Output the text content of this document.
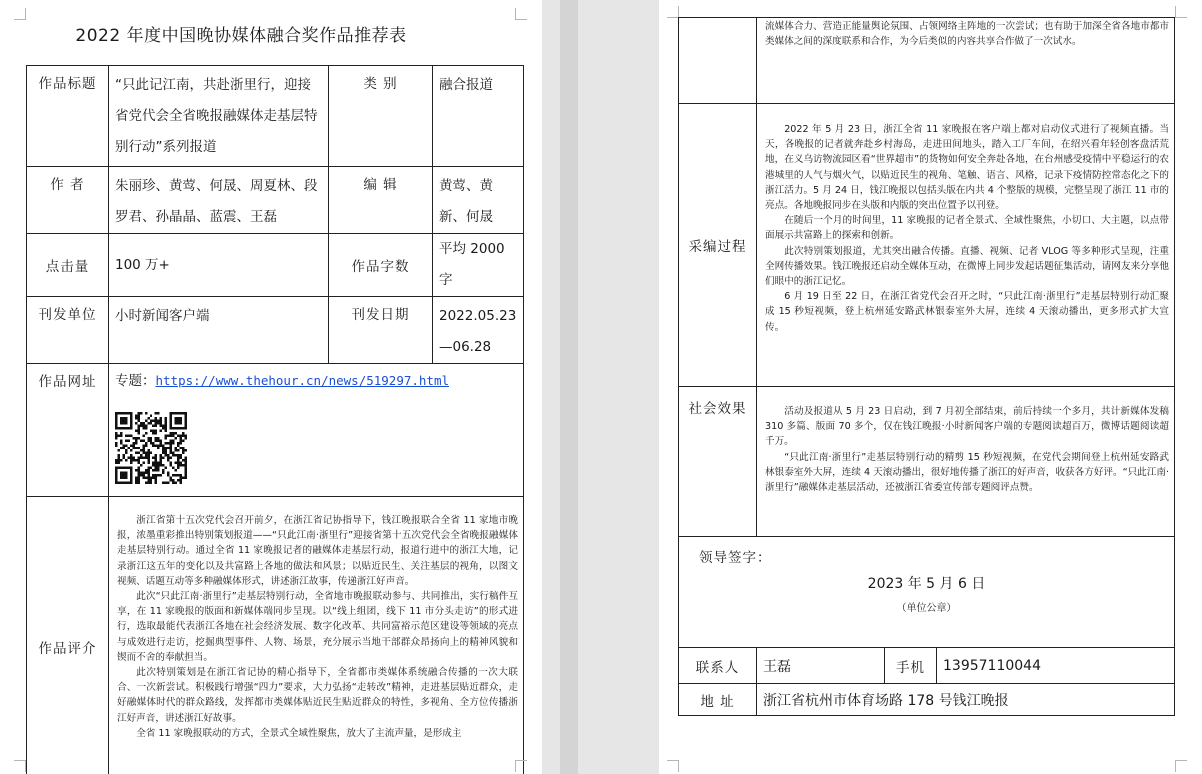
2022 年度中国晚协媒体融合奖作品推荐表
作品标题	“只此记江南，共赴浙里行，迎接省党代会全省晚报融媒体走基层特别行动”系列报道	类 别	融合报道
作 者	朱丽珍、黄莺、何晟、周夏林、段罗君、孙晶晶、蓝震、王磊	编 辑	黄莺、黄新、何晟
点击量	100 万+	作品字数	平均 2000 字
刊发单位	小时新闻客户端	刊发日期	2022.05.23 —06.28
作品网址	专题：https://www.thehour.cn/news/519297.html		

作品评介	浙江省第十五次党代会召开前夕，在浙江省记协指导下，钱江晚报联合全省 11 家地市晚报，浓墨重彩推出特别策划报道——“只此江南·浙里行”迎接省第十五次党代会全省晚报融媒体走基层特别行动。通过全省 11 家晚报记者的融媒体走基层行动，报道行进中的浙江大地，记录浙江这五年的变化以及共富路上各地的做法和风景；以贴近民生、关注基层的视角，以图文视频、话题互动等多种融媒体形式，讲述浙江故事，传递浙江好声音。

此次“只此江南·浙里行”走基层特别行动，全省地市晚报联动参与、共同推出，实行稿件互享，在 11 家晚报的版面和新媒体端同步呈现。以“线上组团，线下 11 市分头走访”的形式进行，选取最能代表浙江各地在社会经济发展、数字化改革、共同富裕示范区建设等领域的亮点与成效进行走访，挖掘典型事件、人物、场景，充分展示当地干部群众昂扬向上的精神风貌和锲而不舍的奉献担当。

此次特别策划是在浙江省记协的精心指导下，全省都市类媒体系统融合传播的一次大联合、一次新尝试。积极践行增强“四力”要求，大力弘扬“走转改”精神，走进基层贴近群众，走好融媒体时代的群众路线，发挥都市类媒体贴近民生贴近群众的特性，多视角、全方位传播浙江好声音，讲述浙江好故事。

全省 11 家晚报联动的方式，全景式全域性聚焦，放大了主流声量，是形成主		

	流媒体合力、营造正能量舆论氛围、占领网络主阵地的一次尝试；也有助于加深全省各地市都市类媒体之间的深度联系和合作，为今后类似的内容共享合作做了一次试水。		
采编过程	2022 年 5 月 23 日，浙江全省 11 家晚报在客户端上都对启动仪式进行了视频直播。当天，各晚报的记者就奔赴乡村海岛，走进田间地头，踏入工厂车间，在绍兴看年轻创客盘活荒地，在义乌访物流园区看“世界超市”的货物如何安全奔赴各地，在台州感受疫情中平稳运行的农港城里的人气与烟火气，以贴近民生的视角、笔触、语言、风格，记录下疫情防控常态化之下的浙江活力。5 月 24 日，钱江晚报以包括头版在内共 4 个整版的规模，完整呈现了浙江 11 市的亮点。各地晚报同步在头版和内版的突出位置予以刊登。

在随后一个月的时间里，11 家晚报的记者全景式、全域性聚焦，小切口、大主题，以点带面展示共富路上的探索和创新。

此次特别策划报道，尤其突出融合传播。直播、视频、记者 VLOG 等多种形式呈现，注重全网传播效果。钱江晚报还启动全媒体互动，在微博上同步发起话题征集活动，请网友来分享他们眼中的浙江记忆。

6 月 19 日至 22 日，在浙江省党代会召开之时，“只此江南·浙里行”走基层特别行动汇聚成 15 秒短视频，登上杭州延安路武林银泰室外大屏，连续 4 天滚动播出，更多形式扩大宣传。		

社会效果	活动及报道从 5 月 23 日启动，到 7 月初全部结束，前后持续一个多月，共计新媒体发稿 310 多篇、版面 70 多个，仅在钱江晚报·小时新闻客户端的专题阅读超百万，微博话题阅读超千万。

“只此江南·浙里行”走基层特别行动的精剪 15 秒短视频，在党代会期间登上杭州延安路武林银泰室外大屏，连续 4 天滚动播出，很好地传播了浙江的好声音，收获各方好评。“只此江南·浙里行”融媒体走基层活动，还被浙江省委宣传部专题阅评点赞。		

领导签字：
2023 年 5 月 6 日
（单位公章）			

联系人	王磊	手机	13957110044
地 址	浙江省杭州市体育场路 178 号钱江晚报		
